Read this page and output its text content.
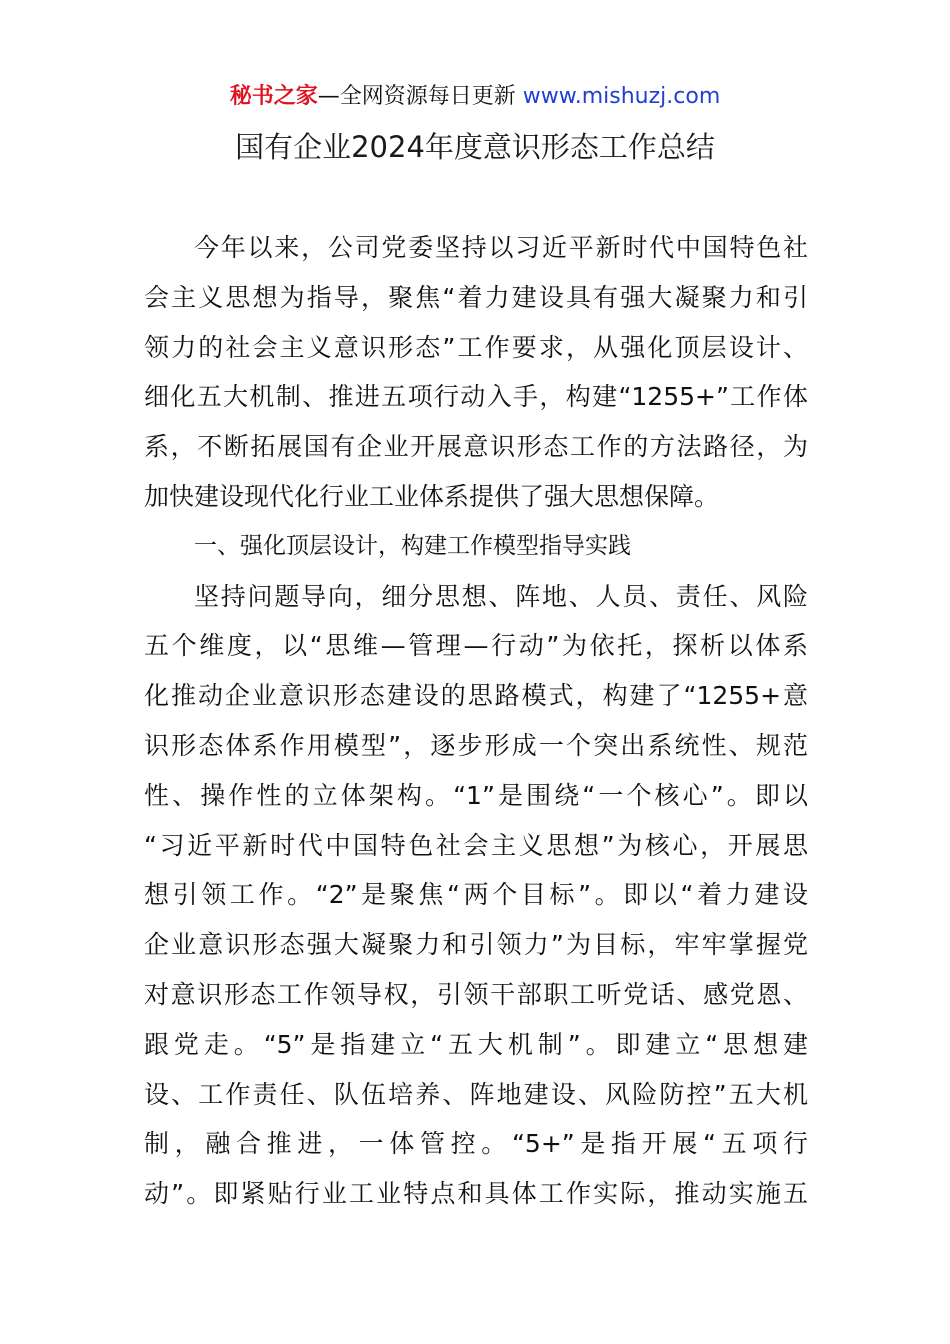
秘书之家—全网资源每日更新 www.mishuzj.com
国有企业2024年度意识形态工作总结
今年以来，公司党委坚持以习近平新时代中国特色社
会主义思想为指导，聚焦“着力建设具有强大凝聚力和引
领力的社会主义意识形态”工作要求，从强化顶层设计、
细化五大机制、推进五项行动入手，构建“1255+”工作体
系，不断拓展国有企业开展意识形态工作的方法路径，为
加快建设现代化行业工业体系提供了强大思想保障。
一、强化顶层设计，构建工作模型指导实践
坚持问题导向，细分思想、阵地、人员、责任、风险
五个维度，以“思维—管理—行动”为依托，探析以体系
化推动企业意识形态建设的思路模式，构建了“1255+意
识形态体系作用模型”，逐步形成一个突出系统性、规范
性、操作性的立体架构。“1”是围绕“一个核心”。即以
“习近平新时代中国特色社会主义思想”为核心，开展思
想引领工作。“2”是聚焦“两个目标”。即以“着力建设
企业意识形态强大凝聚力和引领力”为目标，牢牢掌握党
对意识形态工作领导权，引领干部职工听党话、感党恩、
跟党走。“5”是指建立“五大机制”。即建立“思想建
设、工作责任、队伍培养、阵地建设、风险防控”五大机
制，融合推进，一体管控。“5+”是指开展“五项行
动”。即紧贴行业工业特点和具体工作实际，推动实施五
